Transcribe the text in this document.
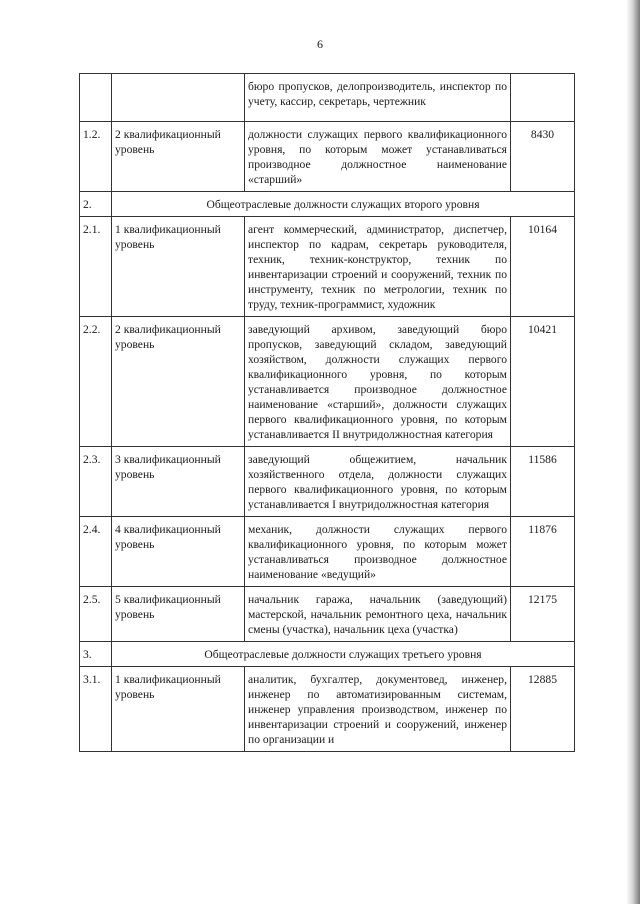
6
		бюро пропусков, делопроизводитель, инспектор по учету, кассир, секретарь, чертежник	
1.2.	2 квалификационный уровень	должности служащих первого квалификационного уровня, по которым может устанавливаться производное должностное наименование «старший»	8430
2.	Общеотраслевые должности служащих второго уровня		
2.1.	1 квалификационный уровень	агент коммерческий, администратор, диспетчер, инспектор по кадрам, секретарь руководителя, техник, техник-конструктор, техник по инвентаризации строений и сооружений, техник по инструменту, техник по метрологии, техник по труду, техник-программист, художник	10164
2.2.	2 квалификационный уровень	заведующий архивом, заведующий бюро пропусков, заведующий складом, заведующий хозяйством, должности служащих первого квалификационного уровня, по которым устанавливается производное должностное наименование «старший», должности служащих первого квалификационного уровня, по которым устанавливается II внутридолжностная категория	10421
2.3.	3 квалификационный уровень	заведующий общежитием, начальник хозяйственного отдела, должности служащих первого квалификационного уровня, по которым устанавливается I внутридолжностная категория	11586
2.4.	4 квалификационный уровень	механик, должности служащих первого квалификационного уровня, по которым может устанавливаться производное должностное наименование «ведущий»	11876
2.5.	5 квалификационный уровень	начальник гаража, начальник (заведующий) мастерской, начальник ремонтного цеха, начальник смены (участка), начальник цеха (участка)	12175
3.	Общеотраслевые должности служащих третьего уровня		
3.1.	1 квалификационный уровень	аналитик, бухгалтер, документовед, инженер, инженер по автоматизированным системам, инженер управления производством, инженер по инвентаризации строений и сооружений, инженер по организации и	12885
